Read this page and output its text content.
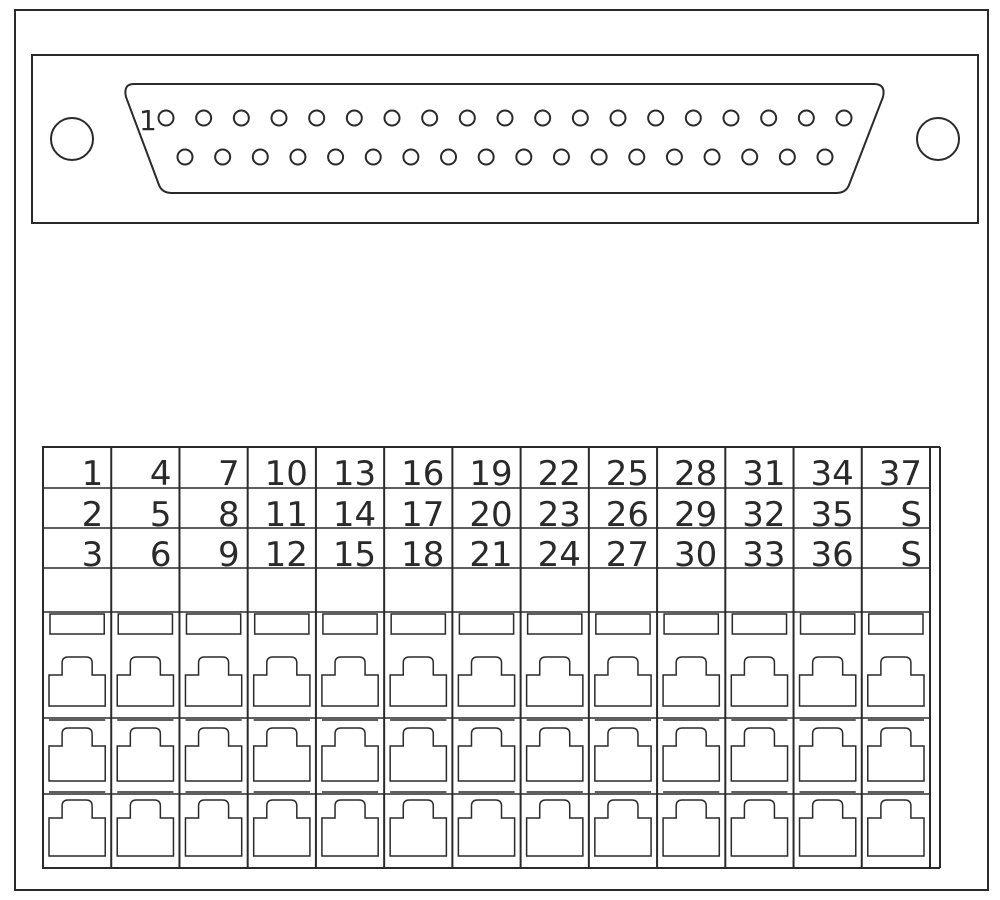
1
1
2
3
4
5
6
7
8
9
10
11
12
13
14
15
16
17
18
19
20
21
22
23
24
25
26
27
28
29
30
31
32
33
34
35
36
37
S
S
